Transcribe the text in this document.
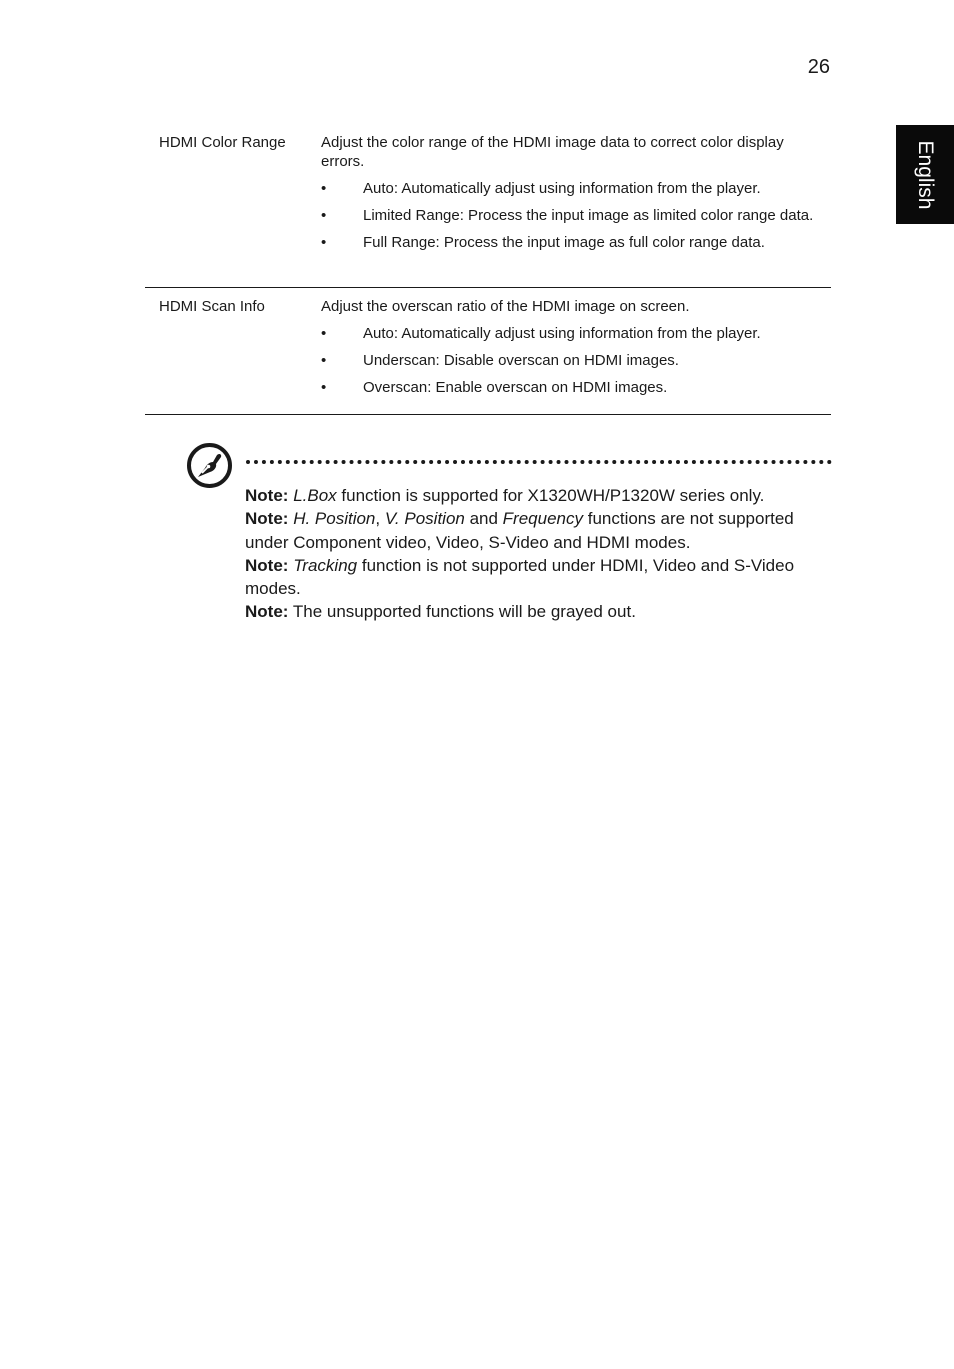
26
English
HDMI Color Range	Adjust the color range of the HDMI image data to correct color display errors.
• Auto: Automatically adjust using information from the player.
• Limited Range: Process the input image as limited color range data.
• Full Range: Process the input image as full color range data.
HDMI Scan Info	Adjust the overscan ratio of the HDMI image on screen.
• Auto: Automatically adjust using information from the player.
• Underscan: Disable overscan on HDMI images.
• Overscan: Enable overscan on HDMI images.

Note: L.Box function is supported for X1320WH/P1320W series only.

Note: H. Position, V. Position and Frequency functions are not supported under Component video, Video, S-Video and HDMI modes.

Note: Tracking function is not supported under HDMI, Video and S-Video modes.

Note: The unsupported functions will be grayed out.
